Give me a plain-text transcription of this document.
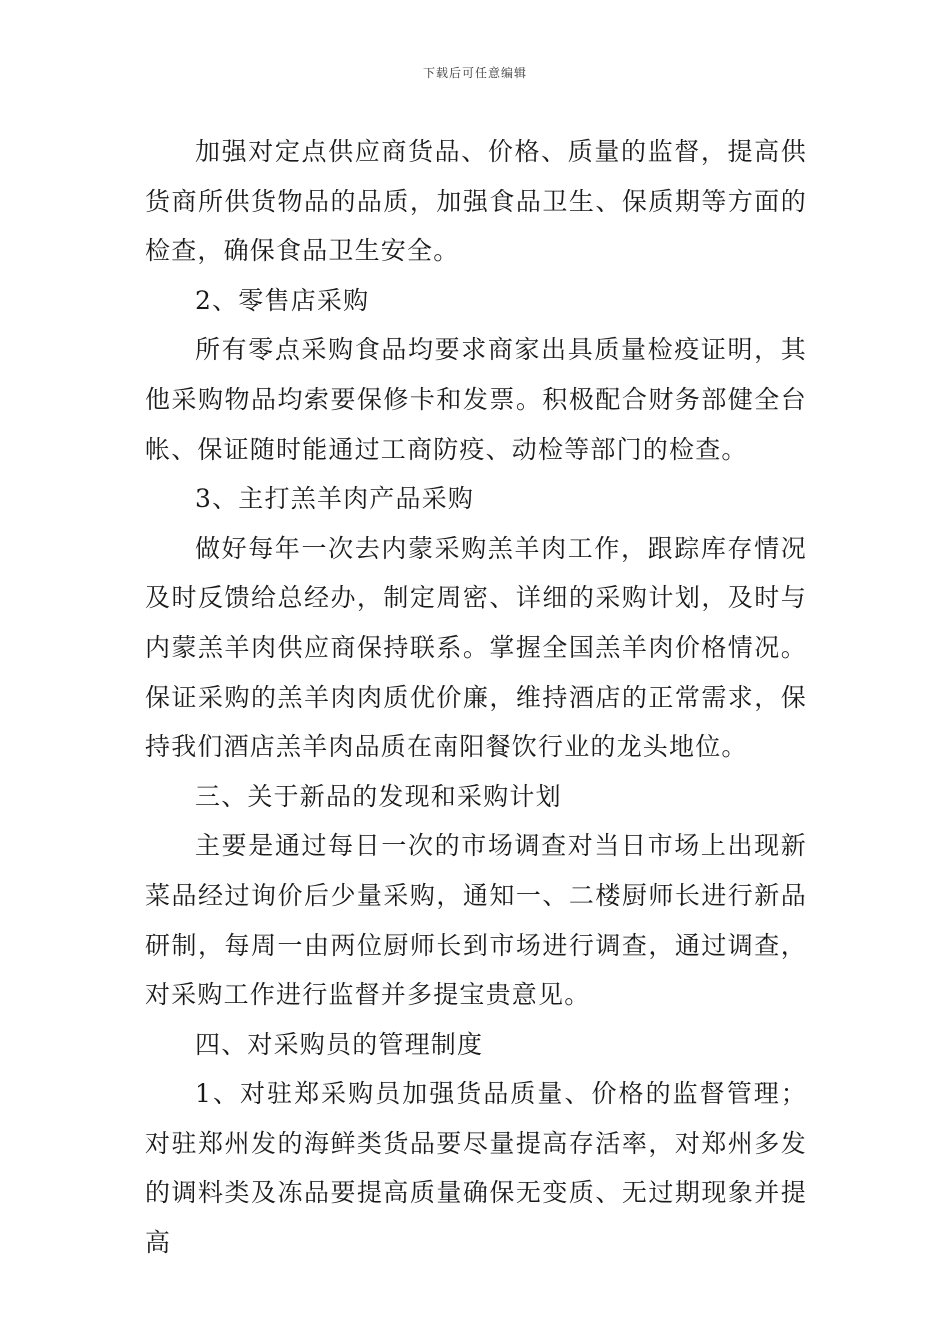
下载后可任意编辑

加强对定点供应商货品、价格、质量的监督，提高供货商所供货物品的品质，加强食品卫生、保质期等方面的检查，确保食品卫生安全。

2、零售店采购

所有零点采购食品均要求商家出具质量检疫证明，其他采购物品均索要保修卡和发票。积极配合财务部健全台帐、保证随时能通过工商防疫、动检等部门的检查。

3、主打羔羊肉产品采购

做好每年一次去内蒙采购羔羊肉工作，跟踪库存情况及时反馈给总经办，制定周密、详细的采购计划，及时与内蒙羔羊肉供应商保持联系。掌握全国羔羊肉价格情况。保证采购的羔羊肉肉质优价廉，维持酒店的正常需求，保持我们酒店羔羊肉品质在南阳餐饮行业的龙头地位。

三、关于新品的发现和采购计划

主要是通过每日一次的市场调查对当日市场上出现新菜品经过询价后少量采购，通知一、二楼厨师长进行新品研制，每周一由两位厨师长到市场进行调查，通过调查，对采购工作进行监督并多提宝贵意见。

四、对采购员的管理制度

1、对驻郑采购员加强货品质量、价格的监督管理；对驻郑州发的海鲜类货品要尽量提高存活率，对郑州多发的调料类及冻品要提高质量确保无变质、无过期现象并提高
